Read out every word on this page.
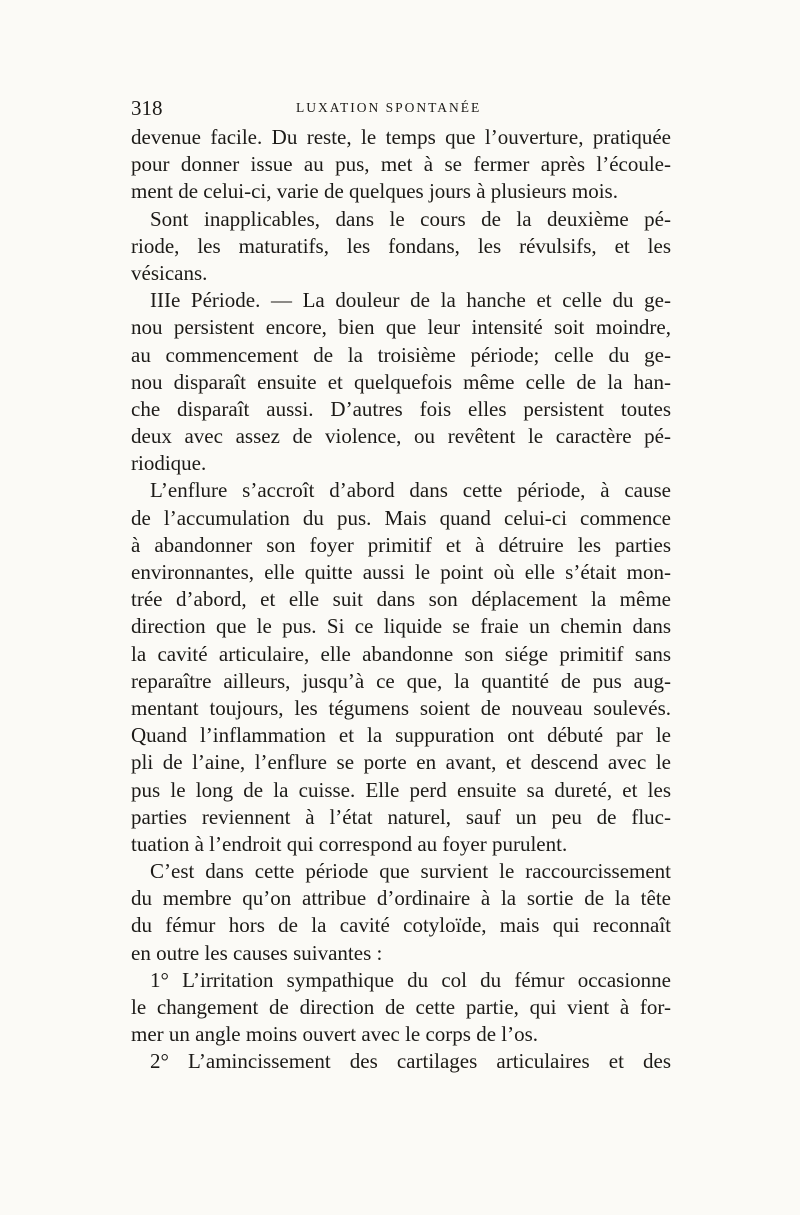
318	LUXATION SPONTANÉE
devenue facile. Du reste, le temps que l’ouverture, pratiquée
pour donner issue au pus, met à se fermer après l’écoule-
ment de celui-ci, varie de quelques jours à plusieurs mois.
Sont inapplicables, dans le cours de la deuxième pé-
riode, les maturatifs, les fondans, les révulsifs, et les
vésicans.
IIIe Période. — La douleur de la hanche et celle du ge-
nou persistent encore, bien que leur intensité soit moindre,
au commencement de la troisième période; celle du ge-
nou disparaît ensuite et quelquefois même celle de la han-
che disparaît aussi. D’autres fois elles persistent toutes
deux avec assez de violence, ou revêtent le caractère pé-
riodique.
L’enflure s’accroît d’abord dans cette période, à cause
de l’accumulation du pus. Mais quand celui-ci commence
à abandonner son foyer primitif et à détruire les parties
environnantes, elle quitte aussi le point où elle s’était mon-
trée d’abord, et elle suit dans son déplacement la même
direction que le pus. Si ce liquide se fraie un chemin dans
la cavité articulaire, elle abandonne son siége primitif sans
reparaître ailleurs, jusqu’à ce que, la quantité de pus aug-
mentant toujours, les tégumens soient de nouveau soulevés.
Quand l’inflammation et la suppuration ont débuté par le
pli de l’aine, l’enflure se porte en avant, et descend avec le
pus le long de la cuisse. Elle perd ensuite sa dureté, et les
parties reviennent à l’état naturel, sauf un peu de fluc-
tuation à l’endroit qui correspond au foyer purulent.
C’est dans cette période que survient le raccourcissement
du membre qu’on attribue d’ordinaire à la sortie de la tête
du fémur hors de la cavité cotyloïde, mais qui reconnaît
en outre les causes suivantes :
1° L’irritation sympathique du col du fémur occasionne
le changement de direction de cette partie, qui vient à for-
mer un angle moins ouvert avec le corps de l’os.
2° L’amincissement des cartilages articulaires et des
